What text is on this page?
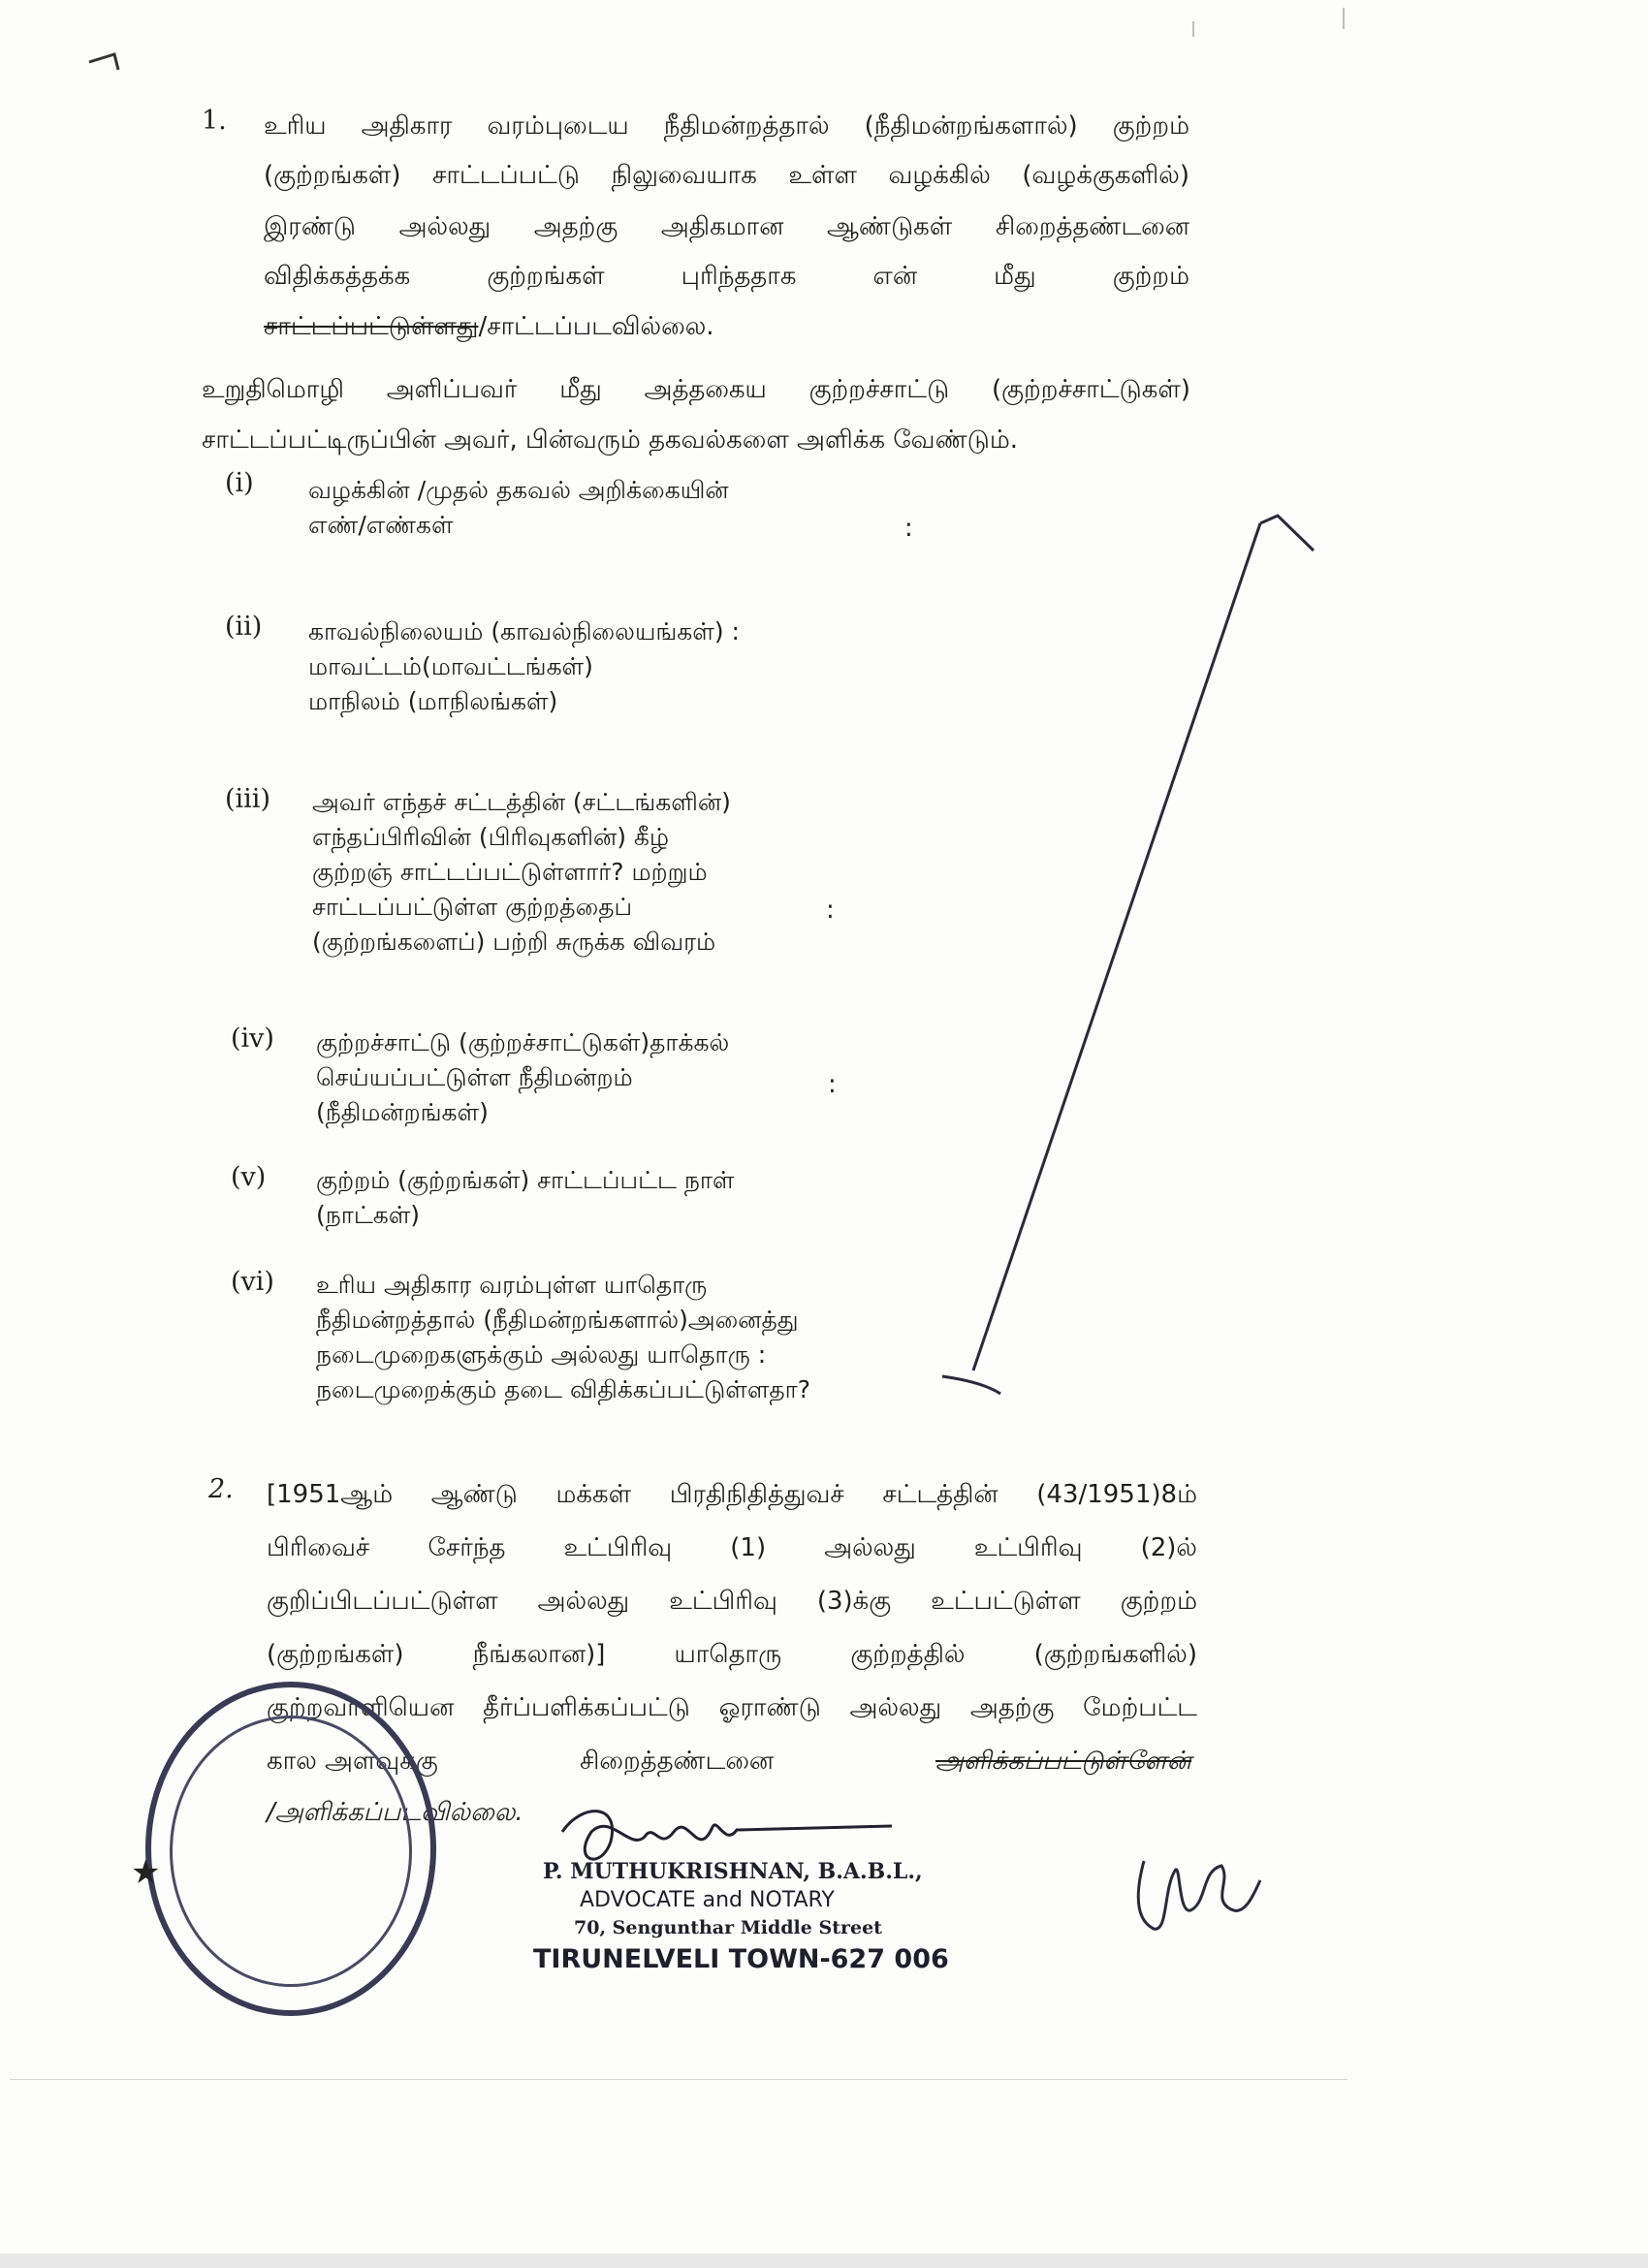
1. உரிய அதிகார வரம்புடைய நீதிமன்றத்தால் (நீதிமன்றங்களால்) குற்றம்
(குற்றங்கள்) சாட்டப்பட்டு நிலுவையாக உள்ள வழக்கில் (வழக்குகளில்)
இரண்டு அல்லது அதற்கு அதிகமான ஆண்டுகள் சிறைத்தண்டனை
விதிக்கத்தக்க குற்றங்கள் புரிந்ததாக என் மீது குற்றம்
சாட்டப்பட்டுள்ளது/சாட்டப்படவில்லை.
உறுதிமொழி அளிப்பவர் மீது அத்தகைய குற்றச்சாட்டு (குற்றச்சாட்டுகள்)
சாட்டப்பட்டிருப்பின் அவர், பின்வரும் தகவல்களை அளிக்க வேண்டும்.
(i) வழக்கின் /முதல் தகவல் அறிக்கையின்
எண்/எண்கள்	:
(ii) காவல்நிலையம் (காவல்நிலையங்கள்) :
மாவட்டம்(மாவட்டங்கள்)
மாநிலம் (மாநிலங்கள்)
(iii) அவர் எந்தச் சட்டத்தின் (சட்டங்களின்)
எந்தப்பிரிவின் (பிரிவுகளின்) கீழ்
குற்றஞ் சாட்டப்பட்டுள்ளார்? மற்றும்
சாட்டப்பட்டுள்ள குற்றத்தைப்
(குற்றங்களைப்) பற்றி சுருக்க விவரம்
:
(iv) குற்றச்சாட்டு (குற்றச்சாட்டுகள்)தாக்கல்
செய்யப்பட்டுள்ள நீதிமன்றம்
(நீதிமன்றங்கள்)
:
(v) குற்றம் (குற்றங்கள்) சாட்டப்பட்ட நாள்
(நாட்கள்)
(vi) உரிய அதிகார வரம்புள்ள யாதொரு
நீதிமன்றத்தால் (நீதிமன்றங்களால்)அனைத்து
நடைமுறைகளுக்கும் அல்லது யாதொரு :
நடைமுறைக்கும் தடை விதிக்கப்பட்டுள்ளதா?
2. [1951ஆம் ஆண்டு மக்கள் பிரதிநிதித்துவச் சட்டத்தின் (43/1951)8ம்
பிரிவைச் சேர்ந்த உட்பிரிவு (1) அல்லது உட்பிரிவு (2)ல்
குறிப்பிடப்பட்டுள்ள அல்லது உட்பிரிவு (3)க்கு உட்பட்டுள்ள குற்றம்
(குற்றங்கள்) நீங்கலான)] யாதொரு குற்றத்தில் (குற்றங்களில்)
குற்றவாளியென தீர்ப்பளிக்கப்பட்டு ஓராண்டு அல்லது அதற்கு மேற்பட்ட
கால அளவுக்கு	சிறைத்தண்டனை	அளிக்கப்பட்டுள்ளேன்
/அளிக்கப்படவில்லை.
★	P. MUTHUKRISHNAN, B.A.B.L.,
ADVOCATE and NOTARY
70, Sengunthar Middle Street
TIRUNELVELI TOWN-627 006
